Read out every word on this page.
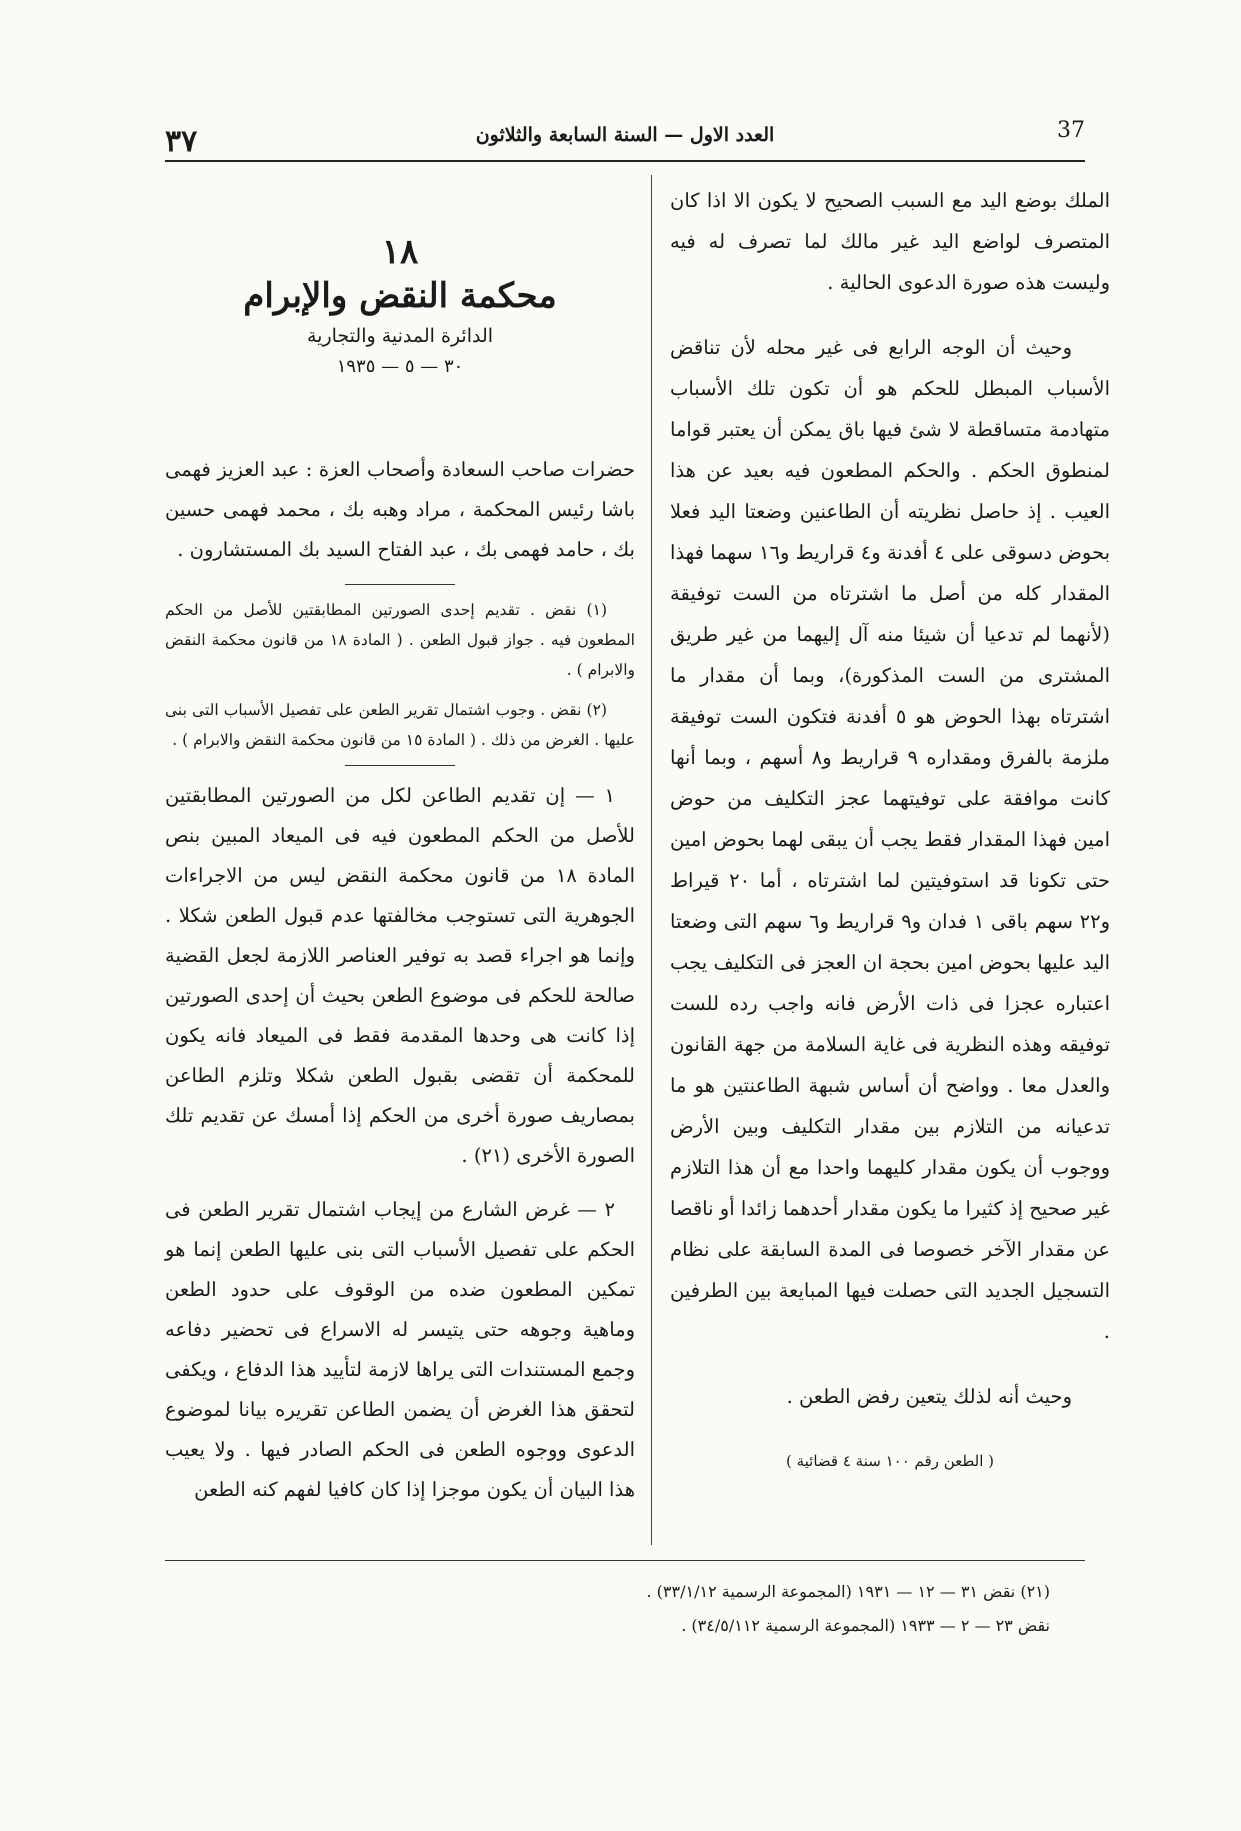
٣٧	العدد الاول — السنة السابعة والثلاثون	37

الملك بوضع اليد مع السبب الصحيح لا يكون الا اذا كان المتصرف لواضع اليد غير مالك لما تصرف له فيه وليست هذه صورة الدعوى الحالية .

وحيث أن الوجه الرابع فى غير محله لأن تناقض الأسباب المبطل للحكم هو أن تكون تلك الأسباب متهادمة متساقطة لا شئ فيها باق يمكن أن يعتبر قواما لمنطوق الحكم . والحكم المطعون فيه بعيد عن هذا العيب . إذ حاصل نظريته أن الطاعنين وضعتا اليد فعلا بحوض دسوقى على ٤ أفدنة و٤ قراريط و١٦ سهما فهذا المقدار كله من أصل ما اشترتاه من الست توفيقة (لأنهما لم تدعيا أن شيئا منه آل إليهما من غير طريق المشترى من الست المذكورة)، وبما أن مقدار ما اشترتاه بهذا الحوض هو ٥ أفدنة فتكون الست توفيقة ملزمة بالفرق ومقداره ٩ قراريط و٨ أسهم ، وبما أنها كانت موافقة على توفيتهما عجز التكليف من حوض امين فهذا المقدار فقط يجب أن يبقى لهما بحوض امين حتى تكونا قد استوفيتين لما اشترتاه ، أما ٢٠ قيراط و٢٢ سهم باقى ١ فدان و٩ قراريط و٦ سهم التى وضعتا اليد عليها بحوض امين بحجة ان العجز فى التكليف يجب اعتباره عجزا فى ذات الأرض فانه واجب رده للست توفيقه وهذه النظرية فى غاية السلامة من جهة القانون والعدل معا . وواضح أن أساس شبهة الطاعنتين هو ما تدعيانه من التلازم بين مقدار التكليف وبين الأرض ووجوب أن يكون مقدار كليهما واحدا مع أن هذا التلازم غير صحيح إذ كثيرا ما يكون مقدار أحدهما زائدا أو ناقصا عن مقدار الآخر خصوصا فى المدة السابقة على نظام التسجيل الجديد التى حصلت فيها المبايعة بين الطرفين .

وحيث أنه لذلك يتعين رفض الطعن .

( الطعن رقم ١٠٠ سنة ٤ قضائية )
١٨
محكمة النقض والإبرام
الدائرة المدنية والتجارية
٣٠ — ٥ — ١٩٣٥

حضرات صاحب السعادة وأصحاب العزة : عبد العزيز فهمى باشا رئيس المحكمة ، مراد وهبه بك ، محمد فهمى حسين بك ، حامد فهمى بك ، عبد الفتاح السيد بك المستشارون .

(١) نقض . تقديم إحدى الصورتين المطابقتين للأصل من الحكم المطعون فيه . جواز قبول الطعن . ( المادة ١٨ من قانون محكمة النقض والابرام ) .

(٢) نقض . وجوب اشتمال تقرير الطعن على تفصيل الأسباب التى بنى عليها . الغرض من ذلك . ( المادة ١٥ من قانون محكمة النقض والابرام ) .

١ — إن تقديم الطاعن لكل من الصورتين المطابقتين للأصل من الحكم المطعون فيه فى الميعاد المبين بنص المادة ١٨ من قانون محكمة النقض ليس من الاجراءات الجوهرية التى تستوجب مخالفتها عدم قبول الطعن شكلا . وإنما هو اجراء قصد به توفير العناصر اللازمة لجعل القضية صالحة للحكم فى موضوع الطعن بحيث أن إحدى الصورتين إذا كانت هى وحدها المقدمة فقط فى الميعاد فانه يكون للمحكمة أن تقضى بقبول الطعن شكلا وتلزم الطاعن بمصاريف صورة أخرى من الحكم إذا أمسك عن تقديم تلك الصورة الأخرى (٢١) .

٢ — غرض الشارع من إيجاب اشتمال تقرير الطعن فى الحكم على تفصيل الأسباب التى بنى عليها الطعن إنما هو تمكين المطعون ضده من الوقوف على حدود الطعن وماهية وجوهه حتى يتيسر له الاسراع فى تحضير دفاعه وجمع المستندات التى يراها لازمة لتأييد هذا الدفاع ، ويكفى لتحقق هذا الغرض أن يضمن الطاعن تقريره بيانا لموضوع الدعوى ووجوه الطعن فى الحكم الصادر فيها . ولا يعيب هذا البيان أن يكون موجزا إذا كان كافيا لفهم كنه الطعن

(٢١) نقض ٣١ — ١٢ — ١٩٣١ (المجموعة الرسمية ٣٣/١/١٢) .
نقض ٢٣ — ٢ — ١٩٣٣ (المجموعة الرسمية ٣٤/٥/١١٢) .
